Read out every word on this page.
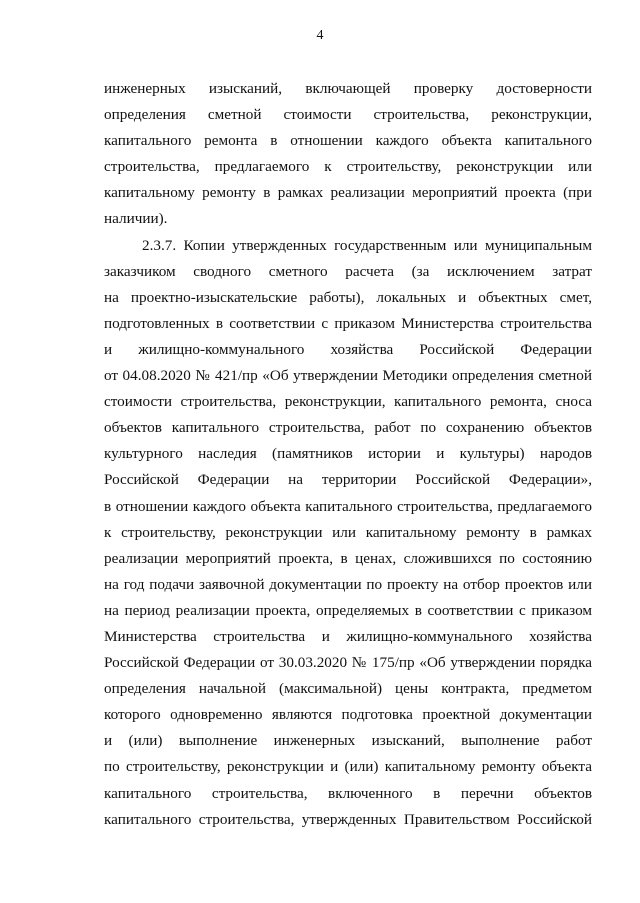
4
инженерных изысканий, включающей проверку достоверности
определения сметной стоимости строительства, реконструкции,
капитального ремонта в отношении каждого объекта капитального
строительства, предлагаемого к строительству, реконструкции или
капитальному ремонту в рамках реализации мероприятий проекта (при
наличии).
2.3.7. Копии утвержденных государственным или муниципальным
заказчиком сводного сметного расчета (за исключением затрат
на проектно-изыскательские работы), локальных и объектных смет,
подготовленных в соответствии с приказом Министерства строительства
и жилищно-коммунального хозяйства Российской Федерации
от 04.08.2020 № 421/пр «Об утверждении Методики определения сметной
стоимости строительства, реконструкции, капитального ремонта, сноса
объектов капитального строительства, работ по сохранению объектов
культурного наследия (памятников истории и культуры) народов
Российской Федерации на территории Российской Федерации»,
в отношении каждого объекта капитального строительства, предлагаемого
к строительству, реконструкции или капитальному ремонту в рамках
реализации мероприятий проекта, в ценах, сложившихся по состоянию
на год подачи заявочной документации по проекту на отбор проектов или
на период реализации проекта, определяемых в соответствии с приказом
Министерства строительства и жилищно-коммунального хозяйства
Российской Федерации от 30.03.2020 № 175/пр «Об утверждении порядка
определения начальной (максимальной) цены контракта, предметом
которого одновременно являются подготовка проектной документации
и (или) выполнение инженерных изысканий, выполнение работ
по строительству, реконструкции и (или) капитальному ремонту объекта
капитального строительства, включенного в перечни объектов
капитального строительства, утвержденных Правительством Российской
